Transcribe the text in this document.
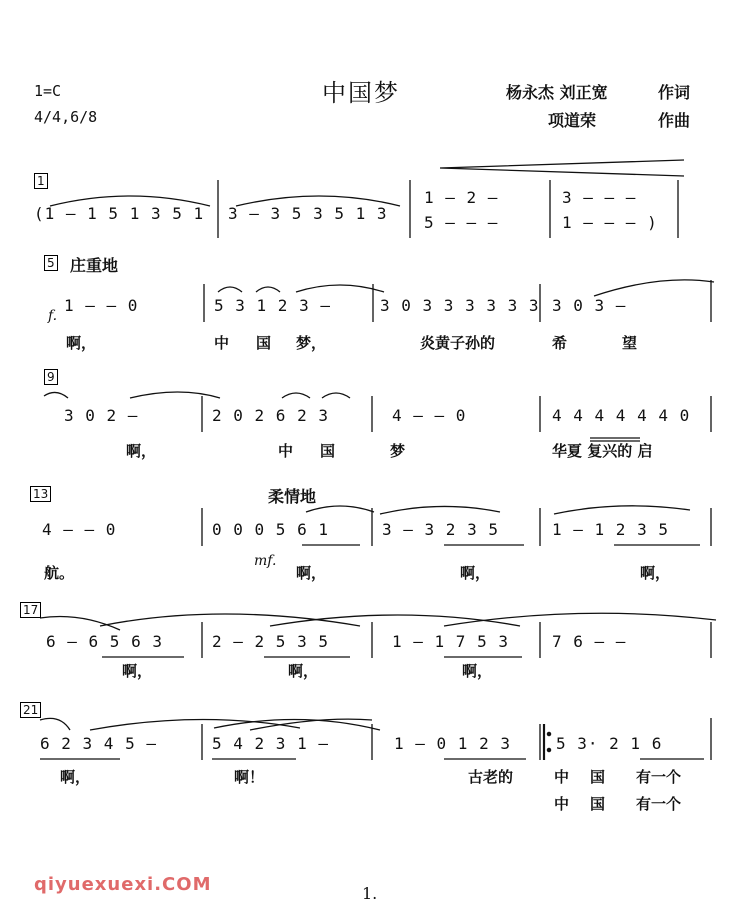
1=C
4/4,6/8
中国梦	杨永杰 刘正宽	作词
项道荣	作曲
1
(1 — 1 5 1 3 5 1 3 — 3 5 3 5 1 3
1 — 2 —
5 — — —
3 — — —
1 — — — )
5 庄重地
f.
1 — — 0	5 3 1 2 3 —	3 0 3 3 3 3 3 3 3 0 3 —
啊，	中 国 梦，	炎黄子孙的	希	望
9
3 0 2 —	2 0 2 6 2 3	4 — — 0	4 4 4 4 4 4 0
啊，	中 国	梦	华夏 复兴的 启
13	柔情地
mf.
4 — — 0	0 0 0 5 6 1	3 — 3 2 3 5	1 — 1 2 3 5
航。	啊，	啊，	啊，
17
6 — 6 5 6 3	2 — 2 5 3 5	1 — 1 7 5 3	7 6 — —
啊，	啊，	啊，
21
6 2 3 4 5 —	5 4 2 3 1 —	1 — 0 1 2 3	5 3· 2 1 6
啊，	啊！	古老的	中 国 有一个
中 国 有一个
qiyuexuexi.COM	1.
